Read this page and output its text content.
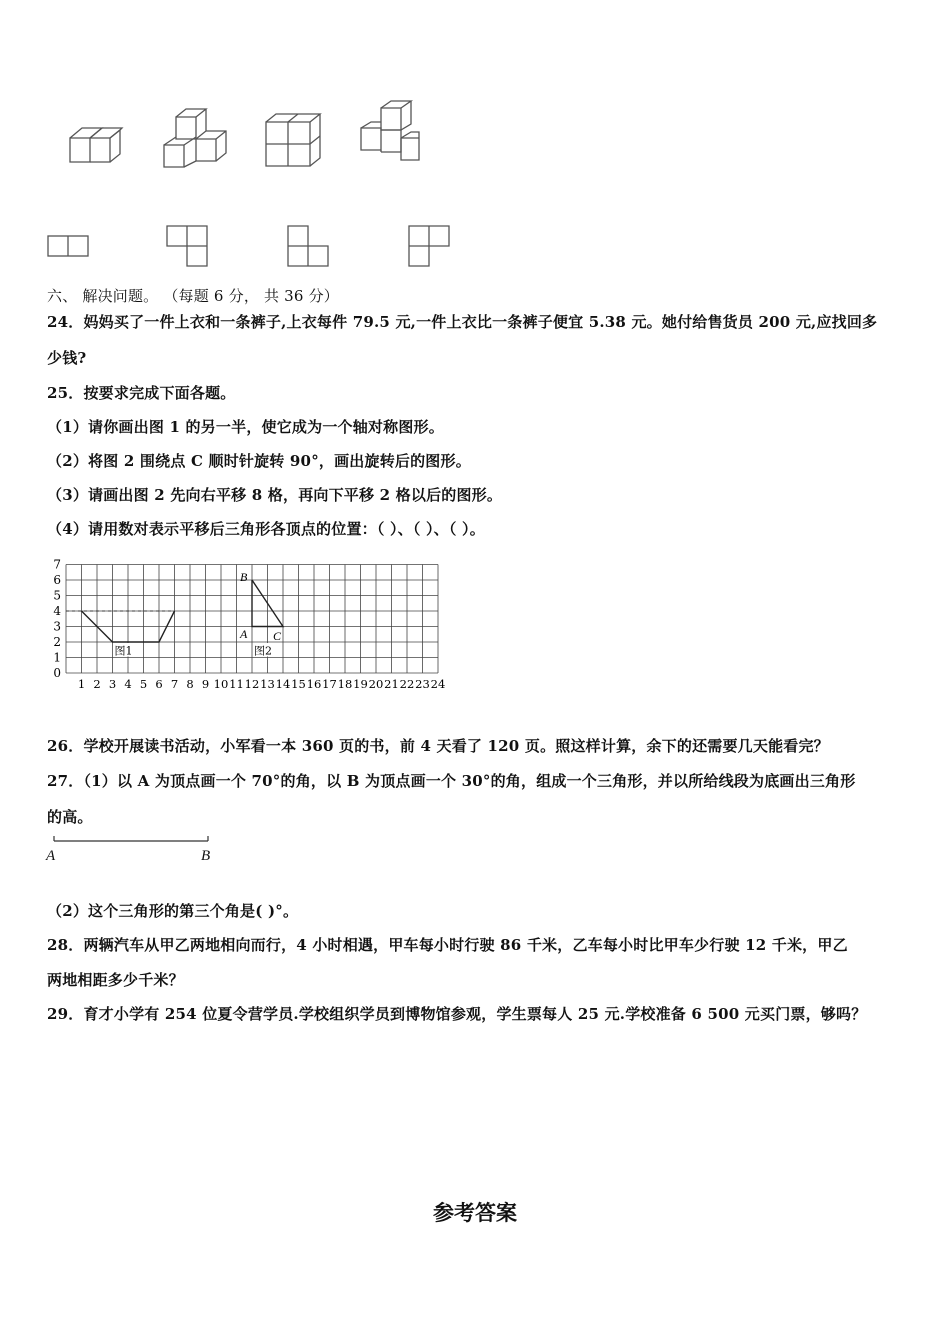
六、 解决问题。 （每题 6 分， 共 36 分）
24．妈妈买了一件上衣和一条裤子,上衣每件 79.5 元,一件上衣比一条裤子便宜 5.38 元。她付给售货员 200 元,应找回多
少钱?
25．按要求完成下面各题。
（1）请你画出图 1 的另一半，使它成为一个轴对称图形。
（2）将图 2 围绕点 C 顺时针旋转 90°，画出旋转后的图形。
（3）请画出图 2 先向右平移 8 格，再向下平移 2 格以后的图形。
（4）请用数对表示平移后三角形各顶点的位置：（ ）、（ ）、（ ）。
0
1
2
3
4
5
6
7
1 2 3 4 5 6 7 8 9 10 11 12 13 14 15 16 17 18 19 20 21 22 23 24
图1	图2
B
A C
26．学校开展读书活动，小军看一本 360 页的书，前 4 天看了 120 页。照这样计算，余下的还需要几天能看完？
27．（1）以 A 为顶点画一个 70°的角，以 B 为顶点画一个 30°的角，组成一个三角形，并以所给线段为底画出三角形
的高。
A	B
（2）这个三角形的第三个角是( )°。
28．两辆汽车从甲乙两地相向而行，4 小时相遇，甲车每小时行驶 86 千米，乙车每小时比甲车少行驶 12 千米，甲乙
两地相距多少千米？
29．育才小学有 254 位夏令营学员.学校组织学员到博物馆参观，学生票每人 25 元.学校准备 6 500 元买门票，够吗？
参考答案
